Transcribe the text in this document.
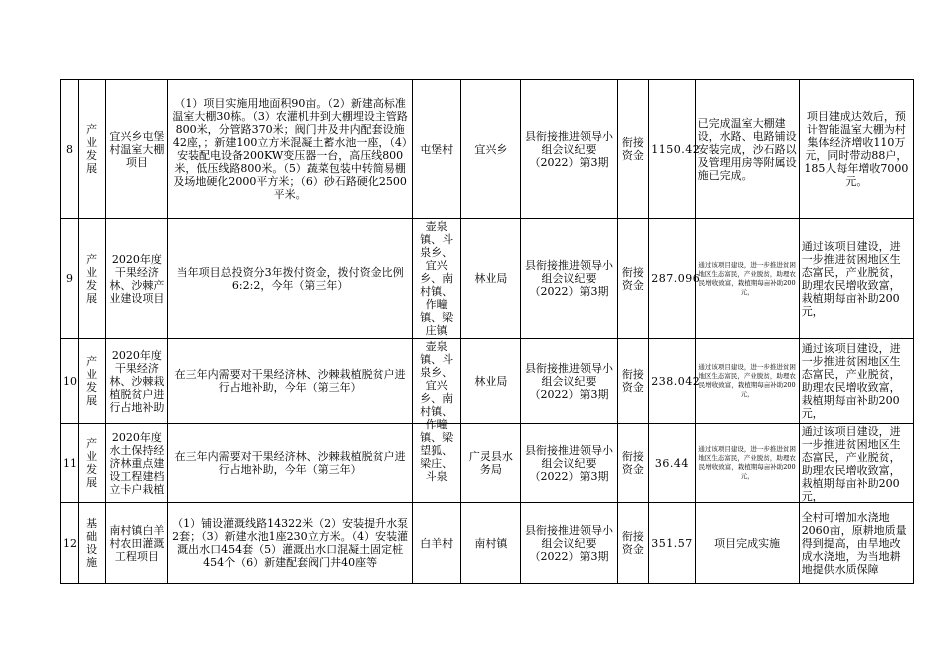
8	产业发展	宜兴乡屯堡村温室大棚项目	（1）项目实施用地面积90亩。（2）新建高标准温室大棚30栋。（3）农灌机井到大棚埋设主管路800米，分管路370米；阀门井及井内配套设施42座，；新建100立方米混凝土蓄水池一座，（4）安装配电设备200KW变压器一台，高压线800米，低压线路800米。（5）蔬菜包装中转简易棚及场地硬化2000平方米；（6）砂石路硬化2500平米。	屯堡村	宜兴乡	县衔接推进领导小组会议纪要（2022）第3期	衔接资金	1150.42	已完成温室大棚建设，水路、电路铺设安装完成，沙石路以及管理用房等附属设施已完成。	项目建成达效后，预计智能温室大棚为村集体经济增收110万元，同时带动88户，185人每年增收7000元。
9	产业发展	2020年度干果经济林、沙棘产业建设项目	当年项目总投资分3年拨付资金，拨付资金比例6:2:2，今年（第三年）	壶泉镇、斗泉乡、宜兴乡、南村镇、作疃镇、梁庄镇	林业局	县衔接推进领导小组会议纪要（2022）第3期	衔接资金	287.096	通过该项目建设，进一步推进贫困地区生态富民，产业脱贫，助理农民增收致富，栽植期每亩补助200元，	通过该项目建设，进一步推进贫困地区生态富民，产业脱贫，助理农民增收致富，栽植期每亩补助200元，
10	产业发展	2020年度干果经济林、沙棘栽植脱贫户进行占地补助	在三年内需要对干果经济林、沙棘栽植脱贫户进行占地补助，今年（第三年）	壶泉镇、斗泉乡、宜兴乡、南村镇、作疃镇、梁	林业局	县衔接推进领导小组会议纪要（2022）第3期	衔接资金	238.042	通过该项目建设，进一步推进贫困地区生态富民，产业脱贫，助理农民增收致富，栽植期每亩补助200元，	通过该项目建设，进一步推进贫困地区生态富民，产业脱贫，助理农民增收致富，栽植期每亩补助200元，
11	产业发展	2020年度水土保持经济林重点建设工程建档立卡户栽植	在三年内需要对干果经济林、沙棘栽植脱贫户进行占地补助，今年（第三年）	望狐、梁庄、斗泉	广灵县水务局	县衔接推进领导小组会议纪要（2022）第3期	衔接资金	36.44	通过该项目建设，进一步推进贫困地区生态富民，产业脱贫，助理农民增收致富，栽植期每亩补助200元，	通过该项目建设，进一步推进贫困地区生态富民，产业脱贫，助理农民增收致富，栽植期每亩补助200元，

12	基础设施	南村镇白羊村农田灌溉工程项目	（1）铺设灌溉线路14322米（2）安装提升水泵2套；（3）新建水池1座230立方米。（4）安装灌溉出水口454套（5）灌溉出水口混凝土固定桩454个（6）新建配套阀门井40座等	白羊村	南村镇	县衔接推进领导小组会议纪要（2022）第3期	衔接资金	351.57	项目完成实施	全村可增加水浇地2060亩，原耕地质量得到提高，由旱地改成水浇地，为当地耕地提供水质保障
